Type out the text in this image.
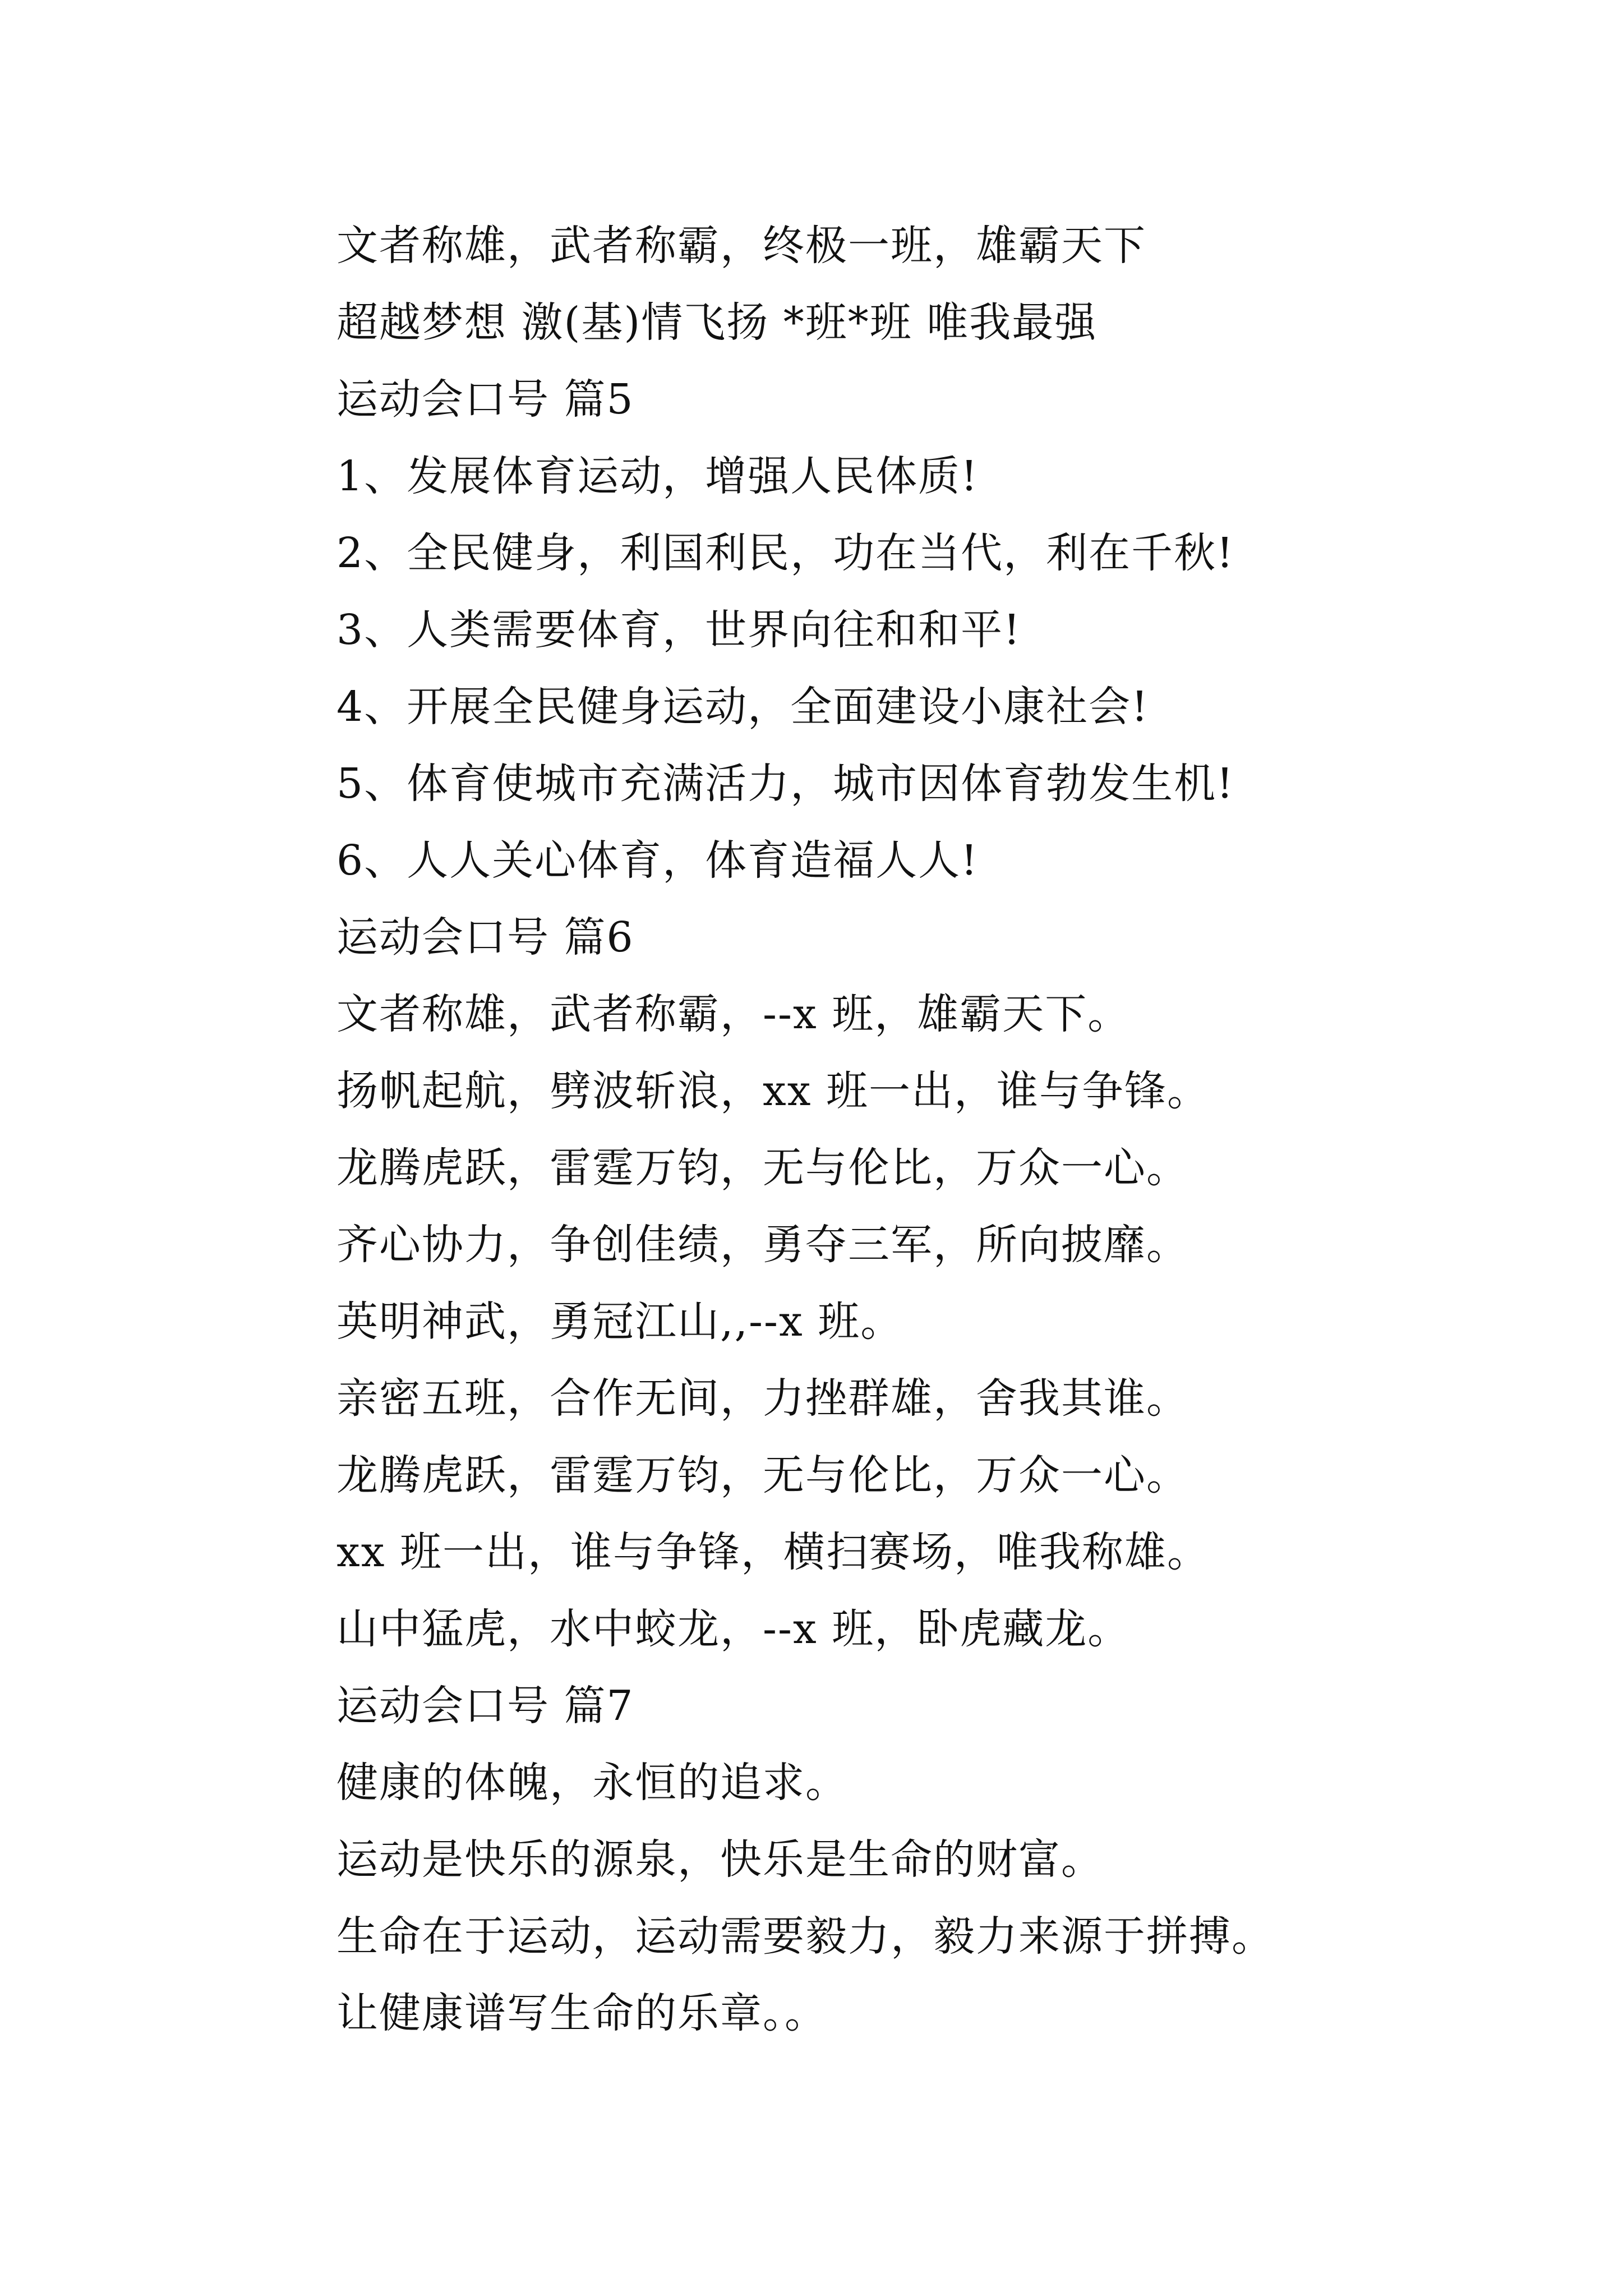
文者称雄，武者称霸，终极一班，雄霸天下
超越梦想 激(基)情飞扬 *班*班 唯我最强
运动会口号 篇5
1、发展体育运动，增强人民体质!
2、全民健身，利国利民，功在当代，利在千秋!
3、人类需要体育，世界向往和和平!
4、开展全民健身运动，全面建设小康社会!
5、体育使城市充满活力，城市因体育勃发生机!
6、人人关心体育，体育造福人人!
运动会口号 篇6
文者称雄，武者称霸，--x 班，雄霸天下。
扬帆起航，劈波斩浪，xx 班一出，谁与争锋。
龙腾虎跃，雷霆万钧，无与伦比，万众一心。
齐心协力，争创佳绩，勇夺三军，所向披靡。
英明神武，勇冠江山,,--x 班。
亲密五班，合作无间，力挫群雄，舍我其谁。
龙腾虎跃，雷霆万钧，无与伦比，万众一心。
xx 班一出，谁与争锋，横扫赛场，唯我称雄。
山中猛虎，水中蛟龙，--x 班，卧虎藏龙。
运动会口号 篇7
健康的体魄，永恒的追求。
运动是快乐的源泉，快乐是生命的财富。
生命在于运动，运动需要毅力，毅力来源于拼搏。
让健康谱写生命的乐章。。
